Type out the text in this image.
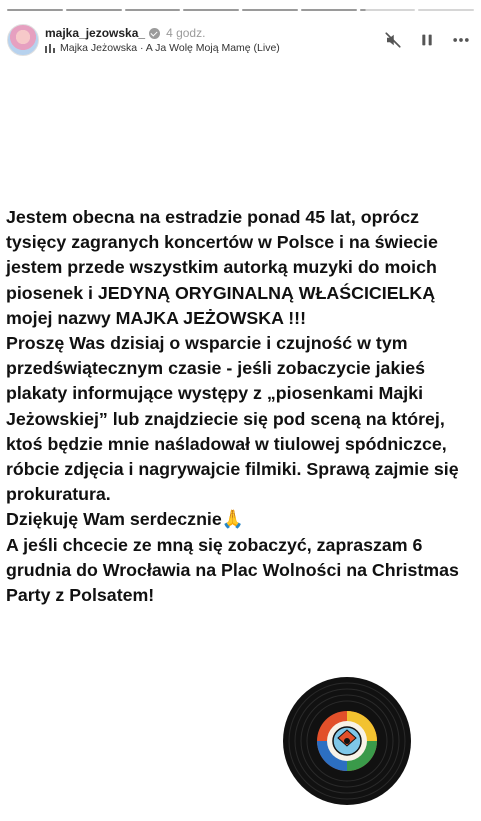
majka_jezowska_ 4 godz.
Majka Jeżowska · A Ja Wolę Moją Mamę (Live)

Jestem obecna na estradzie ponad 45 lat, oprócz tysięcy zagranych koncertów w Polsce i na świecie jestem przede wszystkim autorką muzyki do moich piosenek i JEDYNĄ ORYGINALNĄ WŁAŚCICIELKĄ mojej nazwy MAJKA JEŻOWSKA !!!

Proszę Was dzisiaj o wsparcie i czujność w tym przedświątecznym czasie - jeśli zobaczycie jakieś plakaty informujące występy z „piosenkami Majki Jeżowskiej” lub znajdziecie się pod sceną na której, ktoś będzie mnie naśladował w tiulowej spódniczce, róbcie zdjęcia i nagrywajcie filmiki. Sprawą zajmie się prokuratura.

Dziękuję Wam serdecznie🙏

A jeśli chcecie ze mną się zobaczyć, zapraszam 6 grudnia do Wrocławia na Plac Wolności na Christmas Party z Polsatem!
